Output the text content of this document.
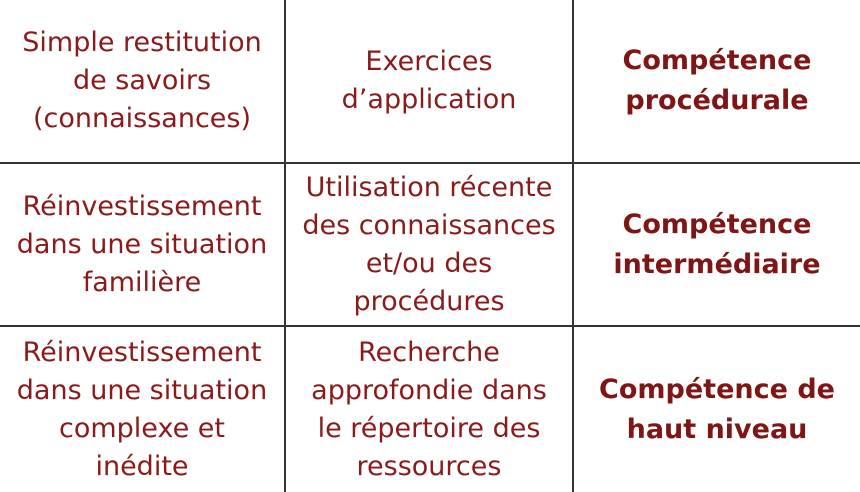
Simple restitution
de savoirs
(connaissances)
Exercices
d’application
Compétence
procédurale
Réinvestissement
dans une situation
familière
Utilisation récente
des connaissances
et/ou des
procédures
Compétence
intermédiaire
Réinvestissement
dans une situation
complexe et
inédite
Recherche
approfondie dans
le répertoire des
ressources
Compétence de
haut niveau
